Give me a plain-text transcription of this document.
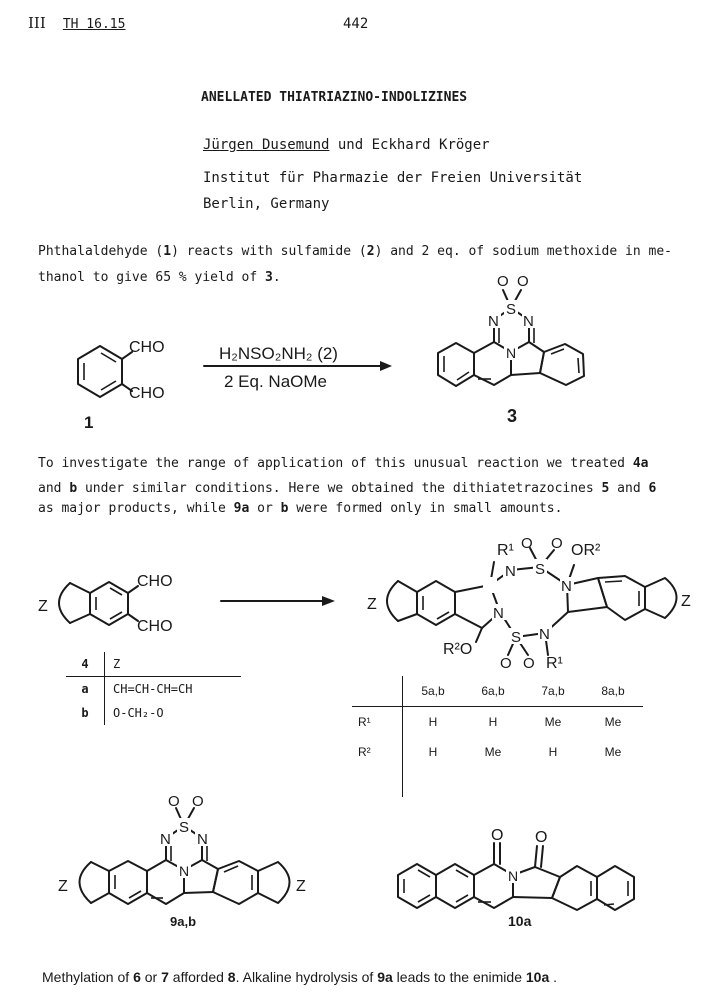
III TH 16.15	442
ANELLATED THIATRIAZINO-INDOLIZINES
Jürgen Dusemund und Eckhard Kröger
Institut für Pharmazie der Freien Universität
Berlin, Germany
Phthalaldehyde (1) reacts with sulfamide (2) and 2 eq. of sodium methoxide in me-
thanol to give 65 % yield of 3.
To investigate the range of application of this unusual reaction we treated 4a
and b under similar conditions. Here we obtained the dithiatetrazocines 5 and 6
as major products, while 9a or b were formed only in small amounts.
CHO
CHO
1
H₂NSO₂NH₂ (2)
2 Eq. NaOMe
O O
S
N N
N
3
Z
CHO
CHO
Z	Z
R¹	OR²
R²O
R¹
O O
O O
S
S
N
N
N
N
4	Z
a	CH=CH-CH=CH
b	O-CH₂-O
	5a,b	6a,b	7a,b	8a,b
R¹	H	H	Me	Me
R²	H	Me	H	Me

Z	Z
O O
S
N N
N
9a,b
O O
N
10a
Methylation of 6 or 7 afforded 8. Alkaline hydrolysis of 9a leads to the enimide 10a .
